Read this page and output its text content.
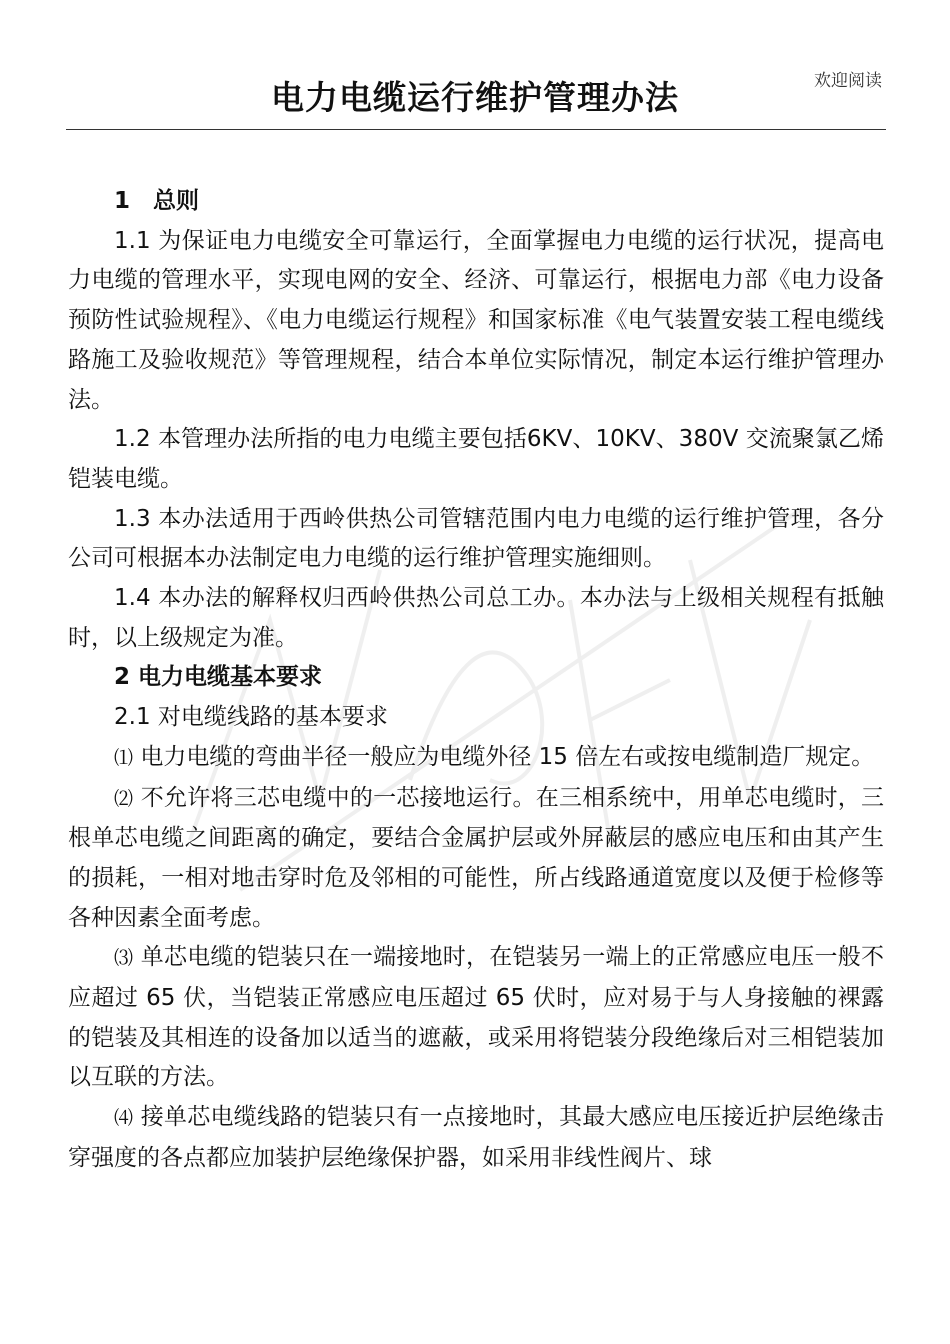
欢迎阅读
电力电缆运行维护管理办法

1　总则

1.1 为保证电力电缆安全可靠运行，全面掌握电力电缆的运行状况，提高电力电缆的管理水平，实现电网的安全、经济、可靠运行，根据电力部《电力设备预防性试验规程》、《电力电缆运行规程》和国家标准《电气装置安装工程电缆线路施工及验收规范》等管理规程，结合本单位实际情况，制定本运行维护管理办法。

1.2 本管理办法所指的电力电缆主要包括6KV、10KV、380V 交流聚氯乙烯铠装电缆。

1.3 本办法适用于西岭供热公司管辖范围内电力电缆的运行维护管理，各分公司可根据本办法制定电力电缆的运行维护管理实施细则。

1.4 本办法的解释权归西岭供热公司总工办。本办法与上级相关规程有抵触时，以上级规定为准。

2 电力电缆基本要求

2.1 对电缆线路的基本要求

⑴ 电力电缆的弯曲半径一般应为电缆外径 15 倍左右或按电缆制造厂规定。

⑵ 不允许将三芯电缆中的一芯接地运行。在三相系统中，用单芯电缆时，三根单芯电缆之间距离的确定，要结合金属护层或外屏蔽层的感应电压和由其产生的损耗，一相对地击穿时危及邻相的可能性，所占线路通道宽度以及便于检修等各种因素全面考虑。

⑶ 单芯电缆的铠装只在一端接地时，在铠装另一端上的正常感应电压一般不应超过 65 伏，当铠装正常感应电压超过 65 伏时，应对易于与人身接触的裸露的铠装及其相连的设备加以适当的遮蔽，或采用将铠装分段绝缘后对三相铠装加以互联的方法。

⑷ 接单芯电缆线路的铠装只有一点接地时，其最大感应电压接近护层绝缘击穿强度的各点都应加装护层绝缘保护器，如采用非线性阀片、球
